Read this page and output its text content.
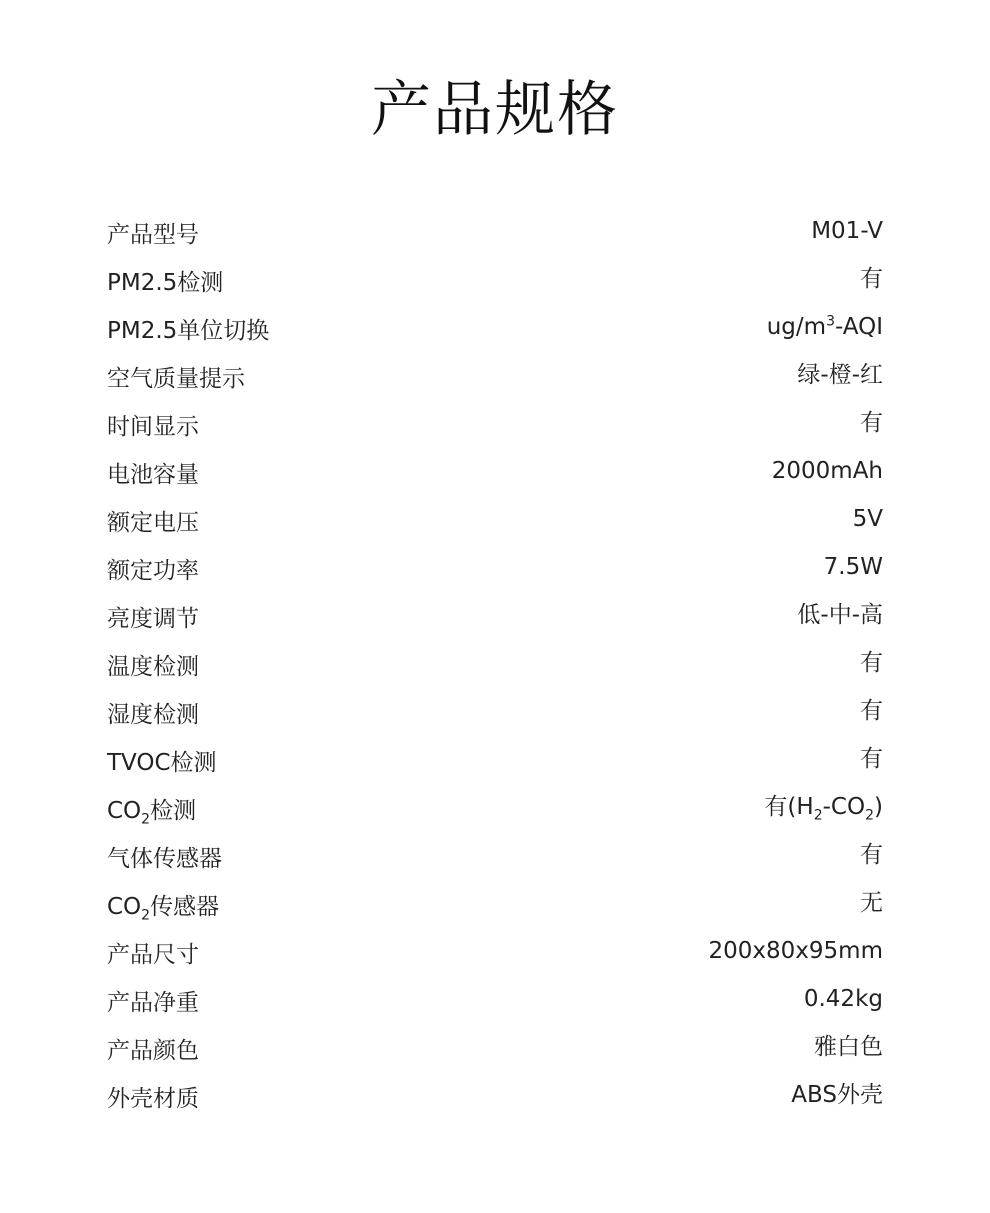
产品规格
产品型号	M01-V
PM2.5检测	有
PM2.5单位切换	$ug/m^3$-AQI
空气质量提示	绿-橙-红
时间显示	有
电池容量	2000mAh
额定电压	5V
额定功率	7.5W
亮度调节	低-中-高
温度检测	有
湿度检测	有
TVOC检测	有
$CO_2$检测	有$(H_2-CO_2)$
气体传感器	有
$CO_2$传感器	无
产品尺寸	200x80x95mm
产品净重	0.42kg
产品颜色	雅白色
外壳材质	ABS外壳
